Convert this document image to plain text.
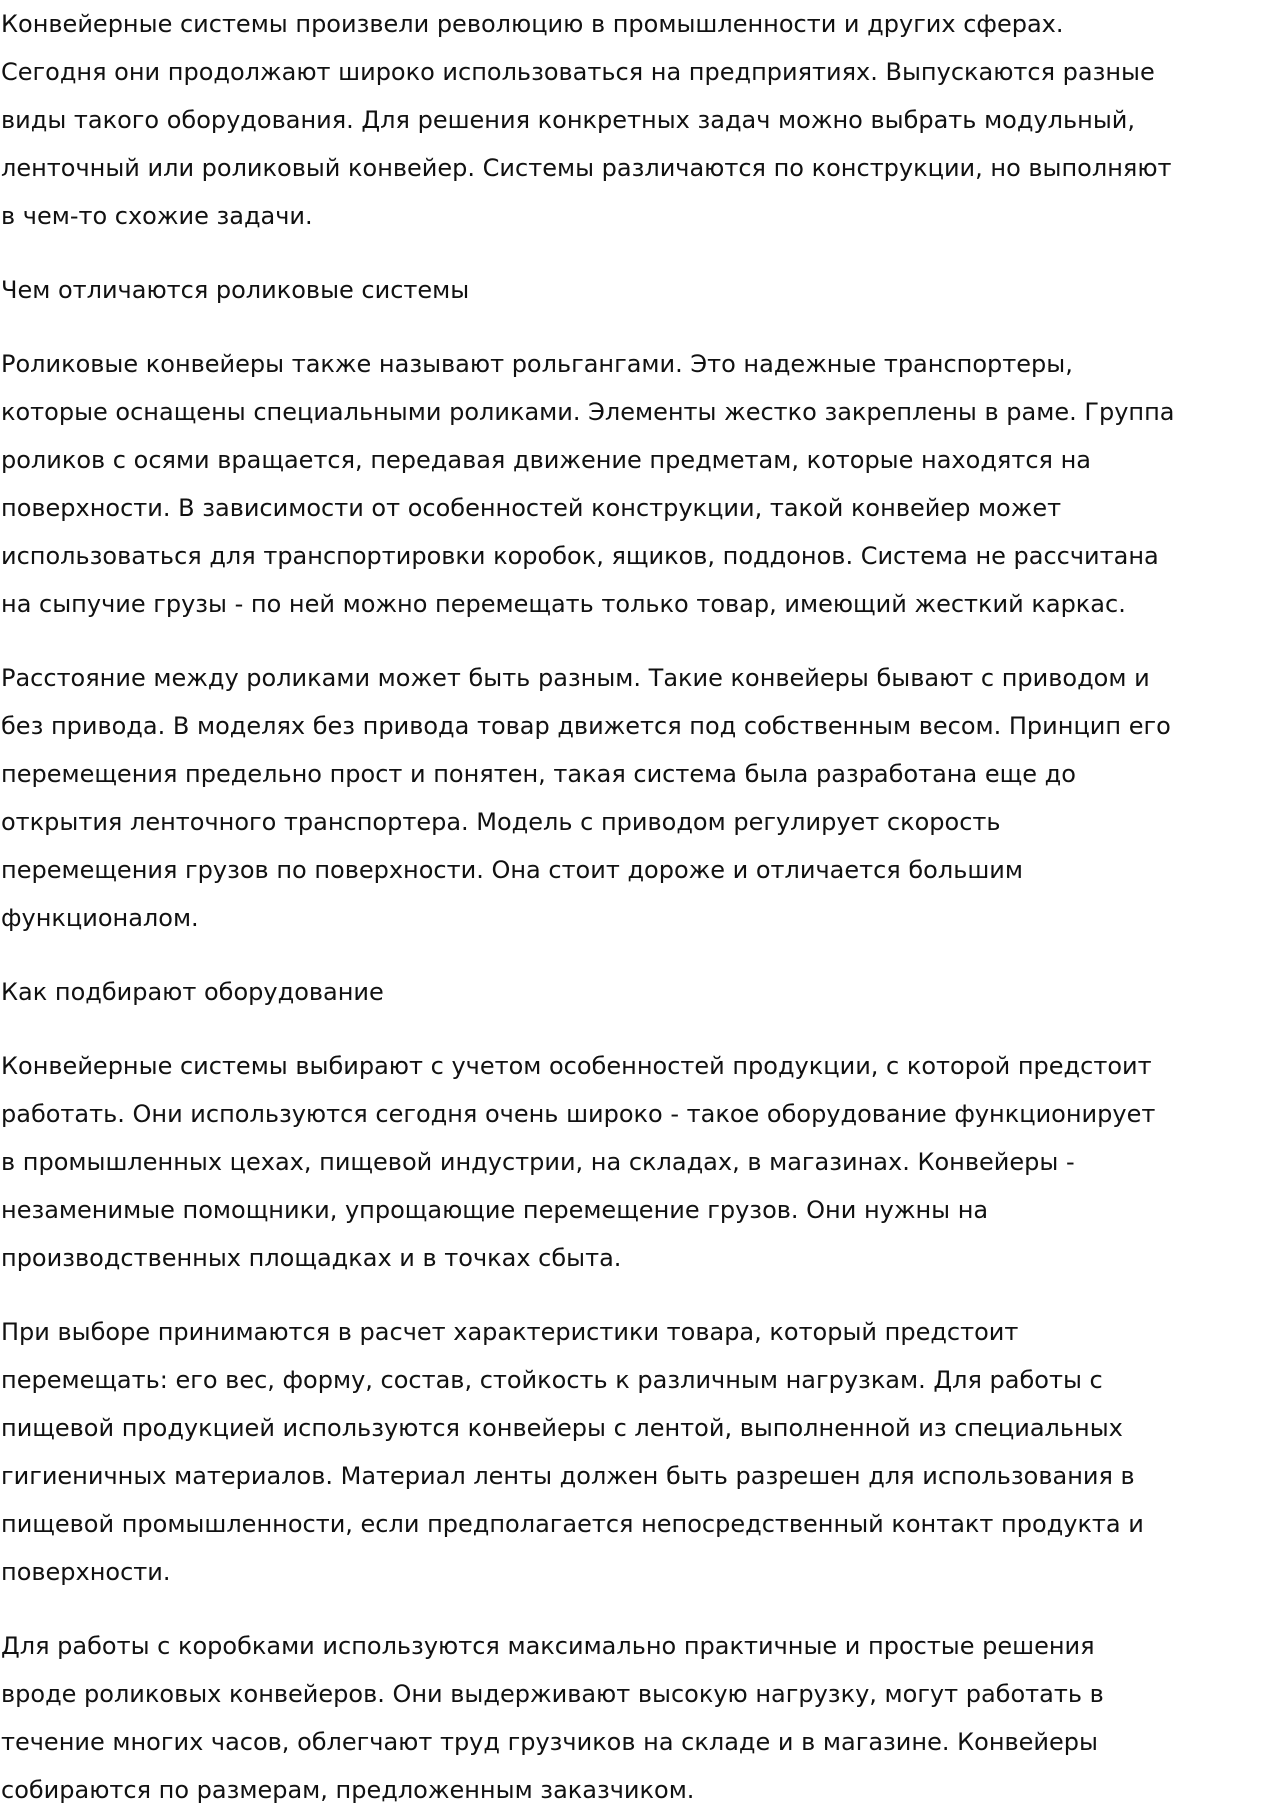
Конвейерные системы произвели революцию в промышленности и других сферах.
Сегодня они продолжают широко использоваться на предприятиях. Выпускаются разные
виды такого оборудования. Для решения конкретных задач можно выбрать модульный,
ленточный или роликовый конвейер. Системы различаются по конструкции, но выполняют
в чем-то схожие задачи.

Чем отличаются роликовые системы

Роликовые конвейеры также называют рольгангами. Это надежные транспортеры,
которые оснащены специальными роликами. Элементы жестко закреплены в раме. Группа
роликов с осями вращается, передавая движение предметам, которые находятся на
поверхности. В зависимости от особенностей конструкции, такой конвейер может
использоваться для транспортировки коробок, ящиков, поддонов. Система не рассчитана
на сыпучие грузы - по ней можно перемещать только товар, имеющий жесткий каркас.

Расстояние между роликами может быть разным. Такие конвейеры бывают с приводом и
без привода. В моделях без привода товар движется под собственным весом. Принцип его
перемещения предельно прост и понятен, такая система была разработана еще до
открытия ленточного транспортера. Модель с приводом регулирует скорость
перемещения грузов по поверхности. Она стоит дороже и отличается большим
функционалом.

Как подбирают оборудование

Конвейерные системы выбирают с учетом особенностей продукции, с которой предстоит
работать. Они используются сегодня очень широко - такое оборудование функционирует
в промышленных цехах, пищевой индустрии, на складах, в магазинах. Конвейеры -
незаменимые помощники, упрощающие перемещение грузов. Они нужны на
производственных площадках и в точках сбыта.

При выборе принимаются в расчет характеристики товара, который предстоит
перемещать: его вес, форму, состав, стойкость к различным нагрузкам. Для работы с
пищевой продукцией используются конвейеры с лентой, выполненной из специальных
гигиеничных материалов. Материал ленты должен быть разрешен для использования в
пищевой промышленности, если предполагается непосредственный контакт продукта и
поверхности.

Для работы с коробками используются максимально практичные и простые решения
вроде роликовых конвейеров. Они выдерживают высокую нагрузку, могут работать в
течение многих часов, облегчают труд грузчиков на складе и в магазине. Конвейеры
собираются по размерам, предложенным заказчиком.
